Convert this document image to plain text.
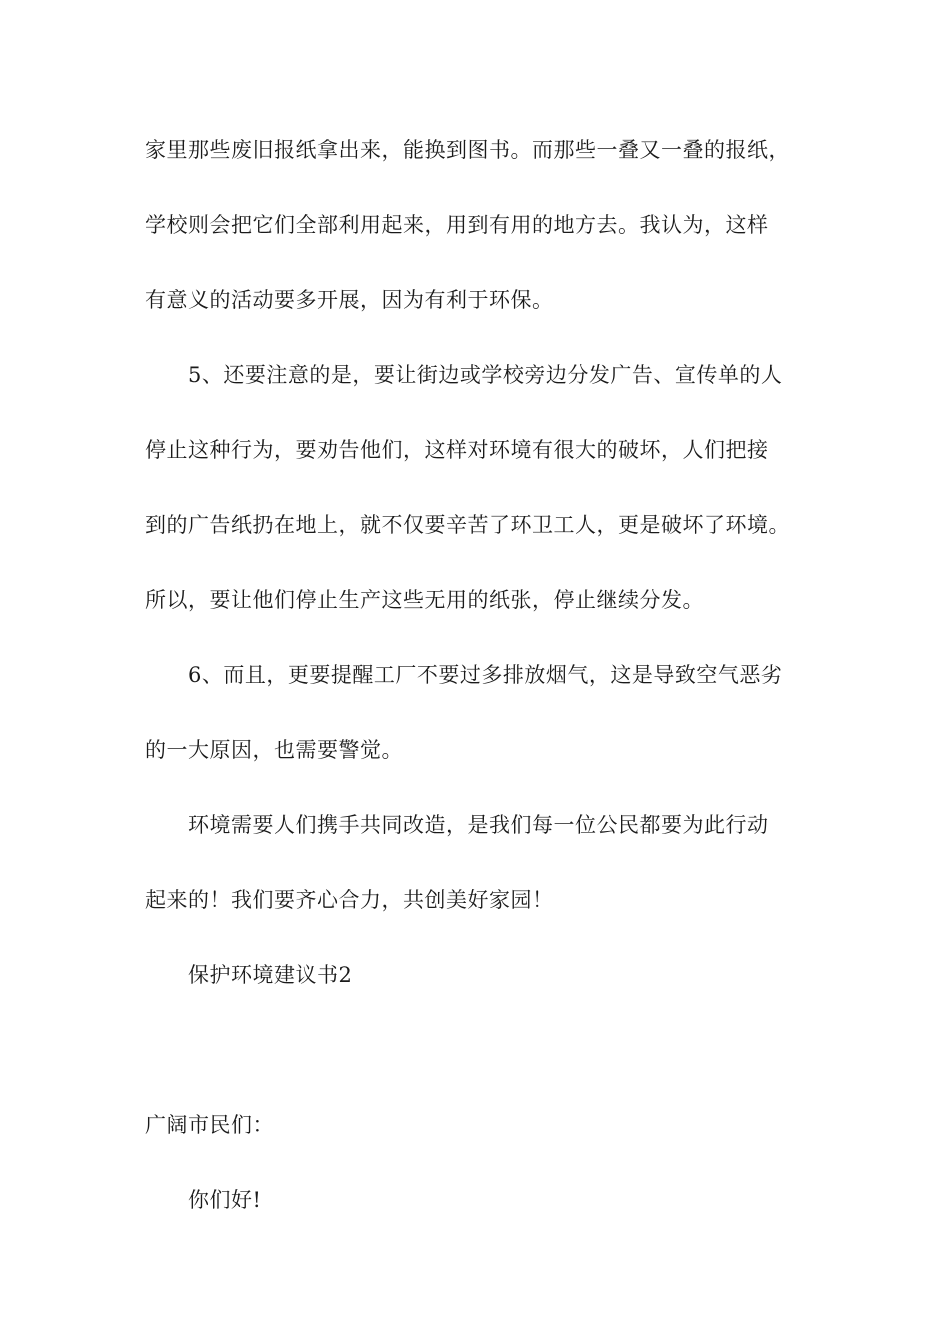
家里那些废旧报纸拿出来，能换到图书。而那些一叠又一叠的报纸，

学校则会把它们全部利用起来，用到有用的地方去。我认为，这样

有意义的活动要多开展，因为有利于环保。

5、还要注意的是，要让街边或学校旁边分发广告、宣传单的人

停止这种行为，要劝告他们，这样对环境有很大的破坏，人们把接

到的广告纸扔在地上，就不仅要辛苦了环卫工人，更是破坏了环境。

所以，要让他们停止生产这些无用的纸张，停止继续分发。

6、而且，更要提醒工厂不要过多排放烟气，这是导致空气恶劣

的一大原因，也需要警觉。

环境需要人们携手共同改造，是我们每一位公民都要为此行动

起来的！我们要齐心合力，共创美好家园！

保护环境建议书2

广阔市民们：

你们好!
